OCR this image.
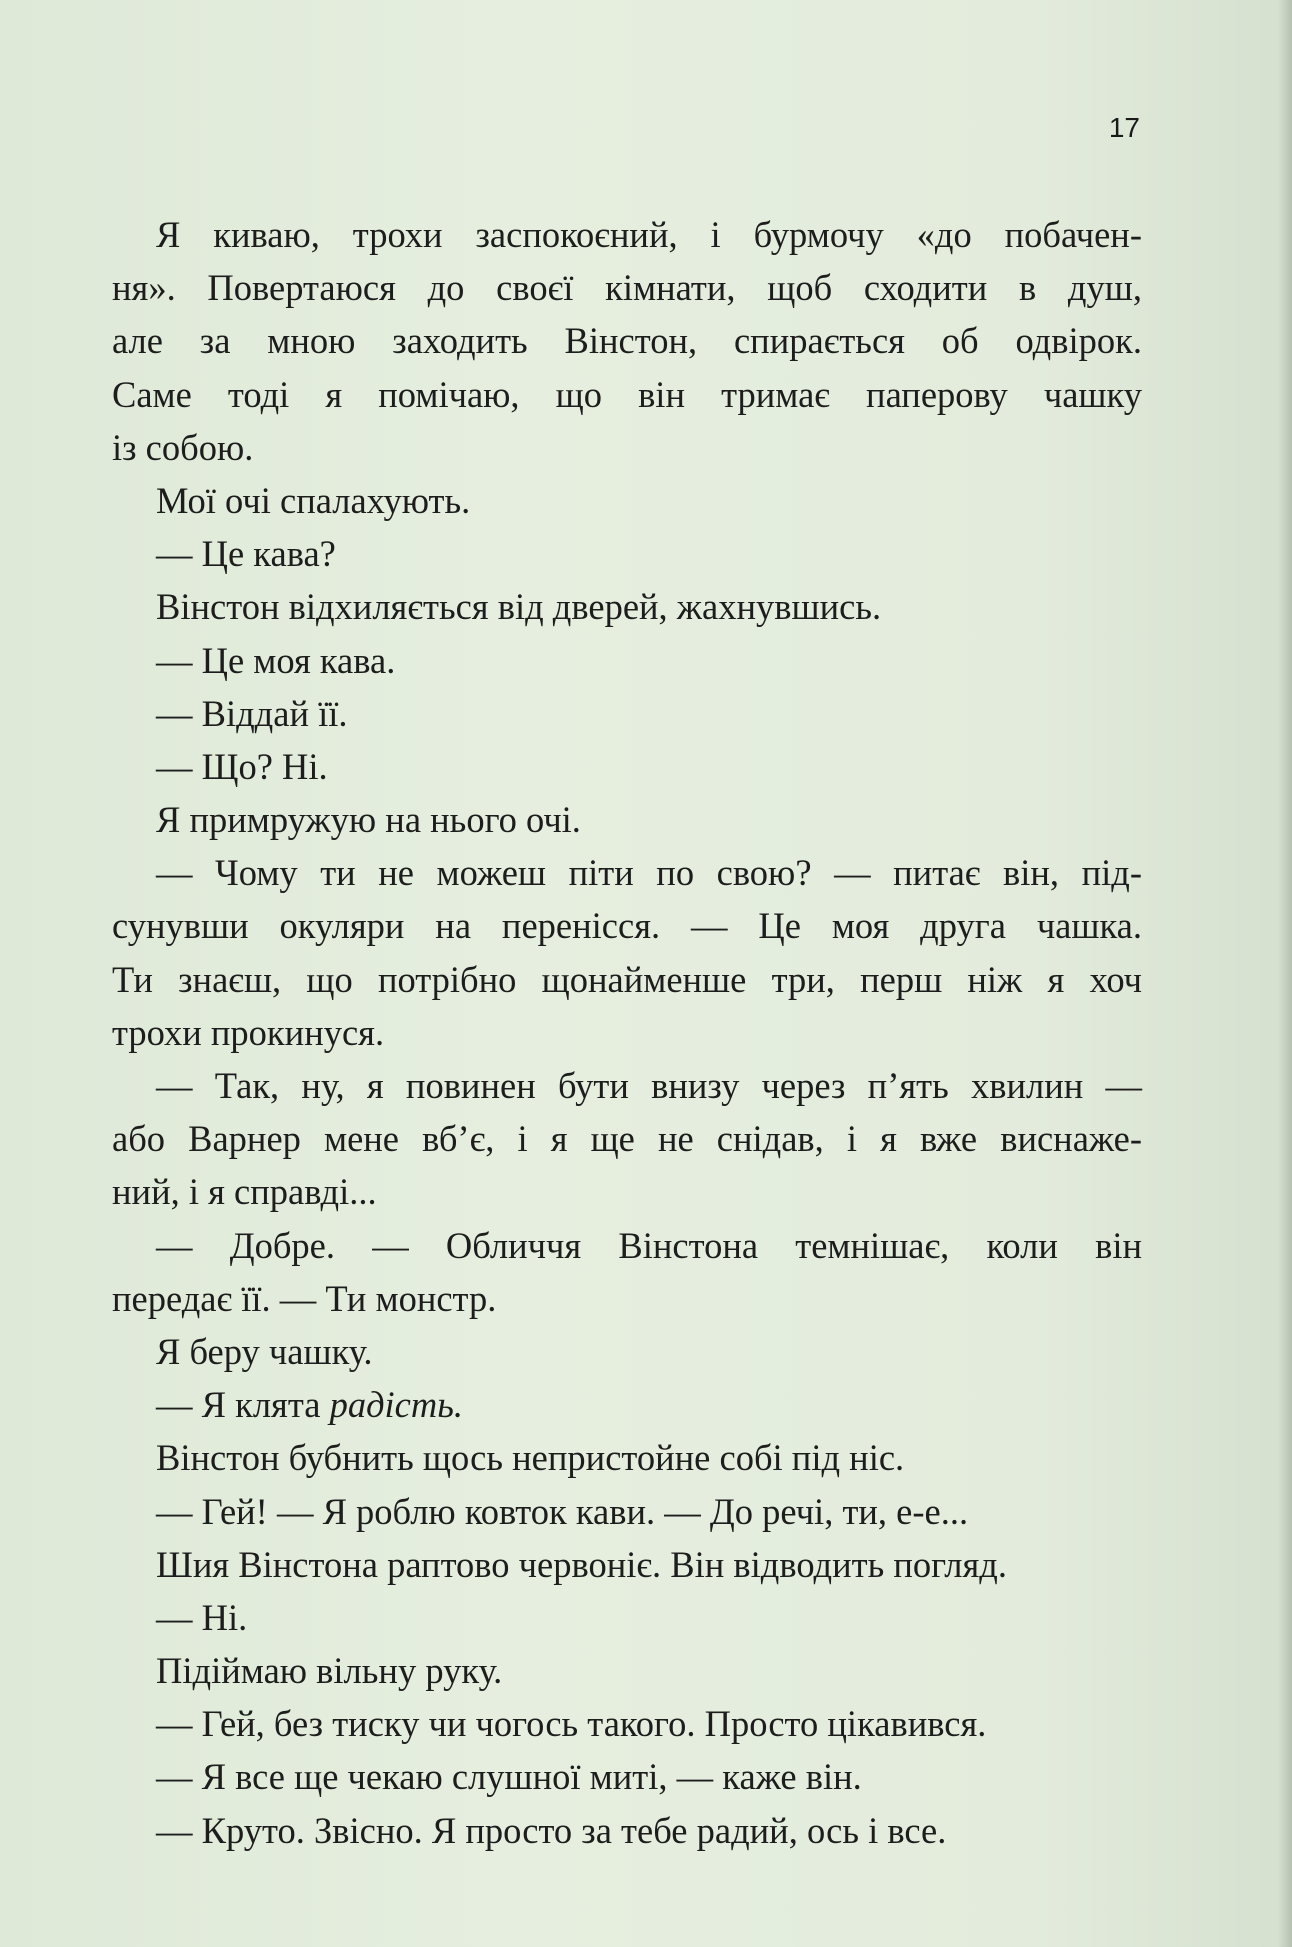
17
Я киваю, трохи заспокоєний, і бурмочу «до побачен-
ня». Повертаюся до своєї кімнати, щоб сходити в душ,
але за мною заходить Вінстон, спирається об одвірок.
Саме тоді я помічаю, що він тримає паперову чашку
із собою.
Мої очі спалахують.
— Це кава?
Вінстон відхиляється від дверей, жахнувшись.
— Це моя кава.
— Віддай її.
— Що? Ні.
Я примружую на нього очі.
— Чому ти не можеш піти по свою? — питає він, під-
сунувши окуляри на перенісся. — Це моя друга чашка.
Ти знаєш, що потрібно щонайменше три, перш ніж я хоч
трохи прокинуся.
— Так, ну, я повинен бути внизу через п’ять хвилин —
або Варнер мене вб’є, і я ще не снідав, і я вже виснаже-
ний, і я справді...
— Добре. — Обличчя Вінстона темнішає, коли він
передає її. — Ти монстр.
Я беру чашку.
— Я клята радість.
Вінстон бубнить щось непристойне собі під ніс.
— Гей! — Я роблю ковток кави. — До речі, ти, е-е...
Шия Вінстона раптово червоніє. Він відводить погляд.
— Ні.
Підіймаю вільну руку.
— Гей, без тиску чи чогось такого. Просто цікавився.
— Я все ще чекаю слушної миті, — каже він.
— Круто. Звісно. Я просто за тебе радий, ось і все.
